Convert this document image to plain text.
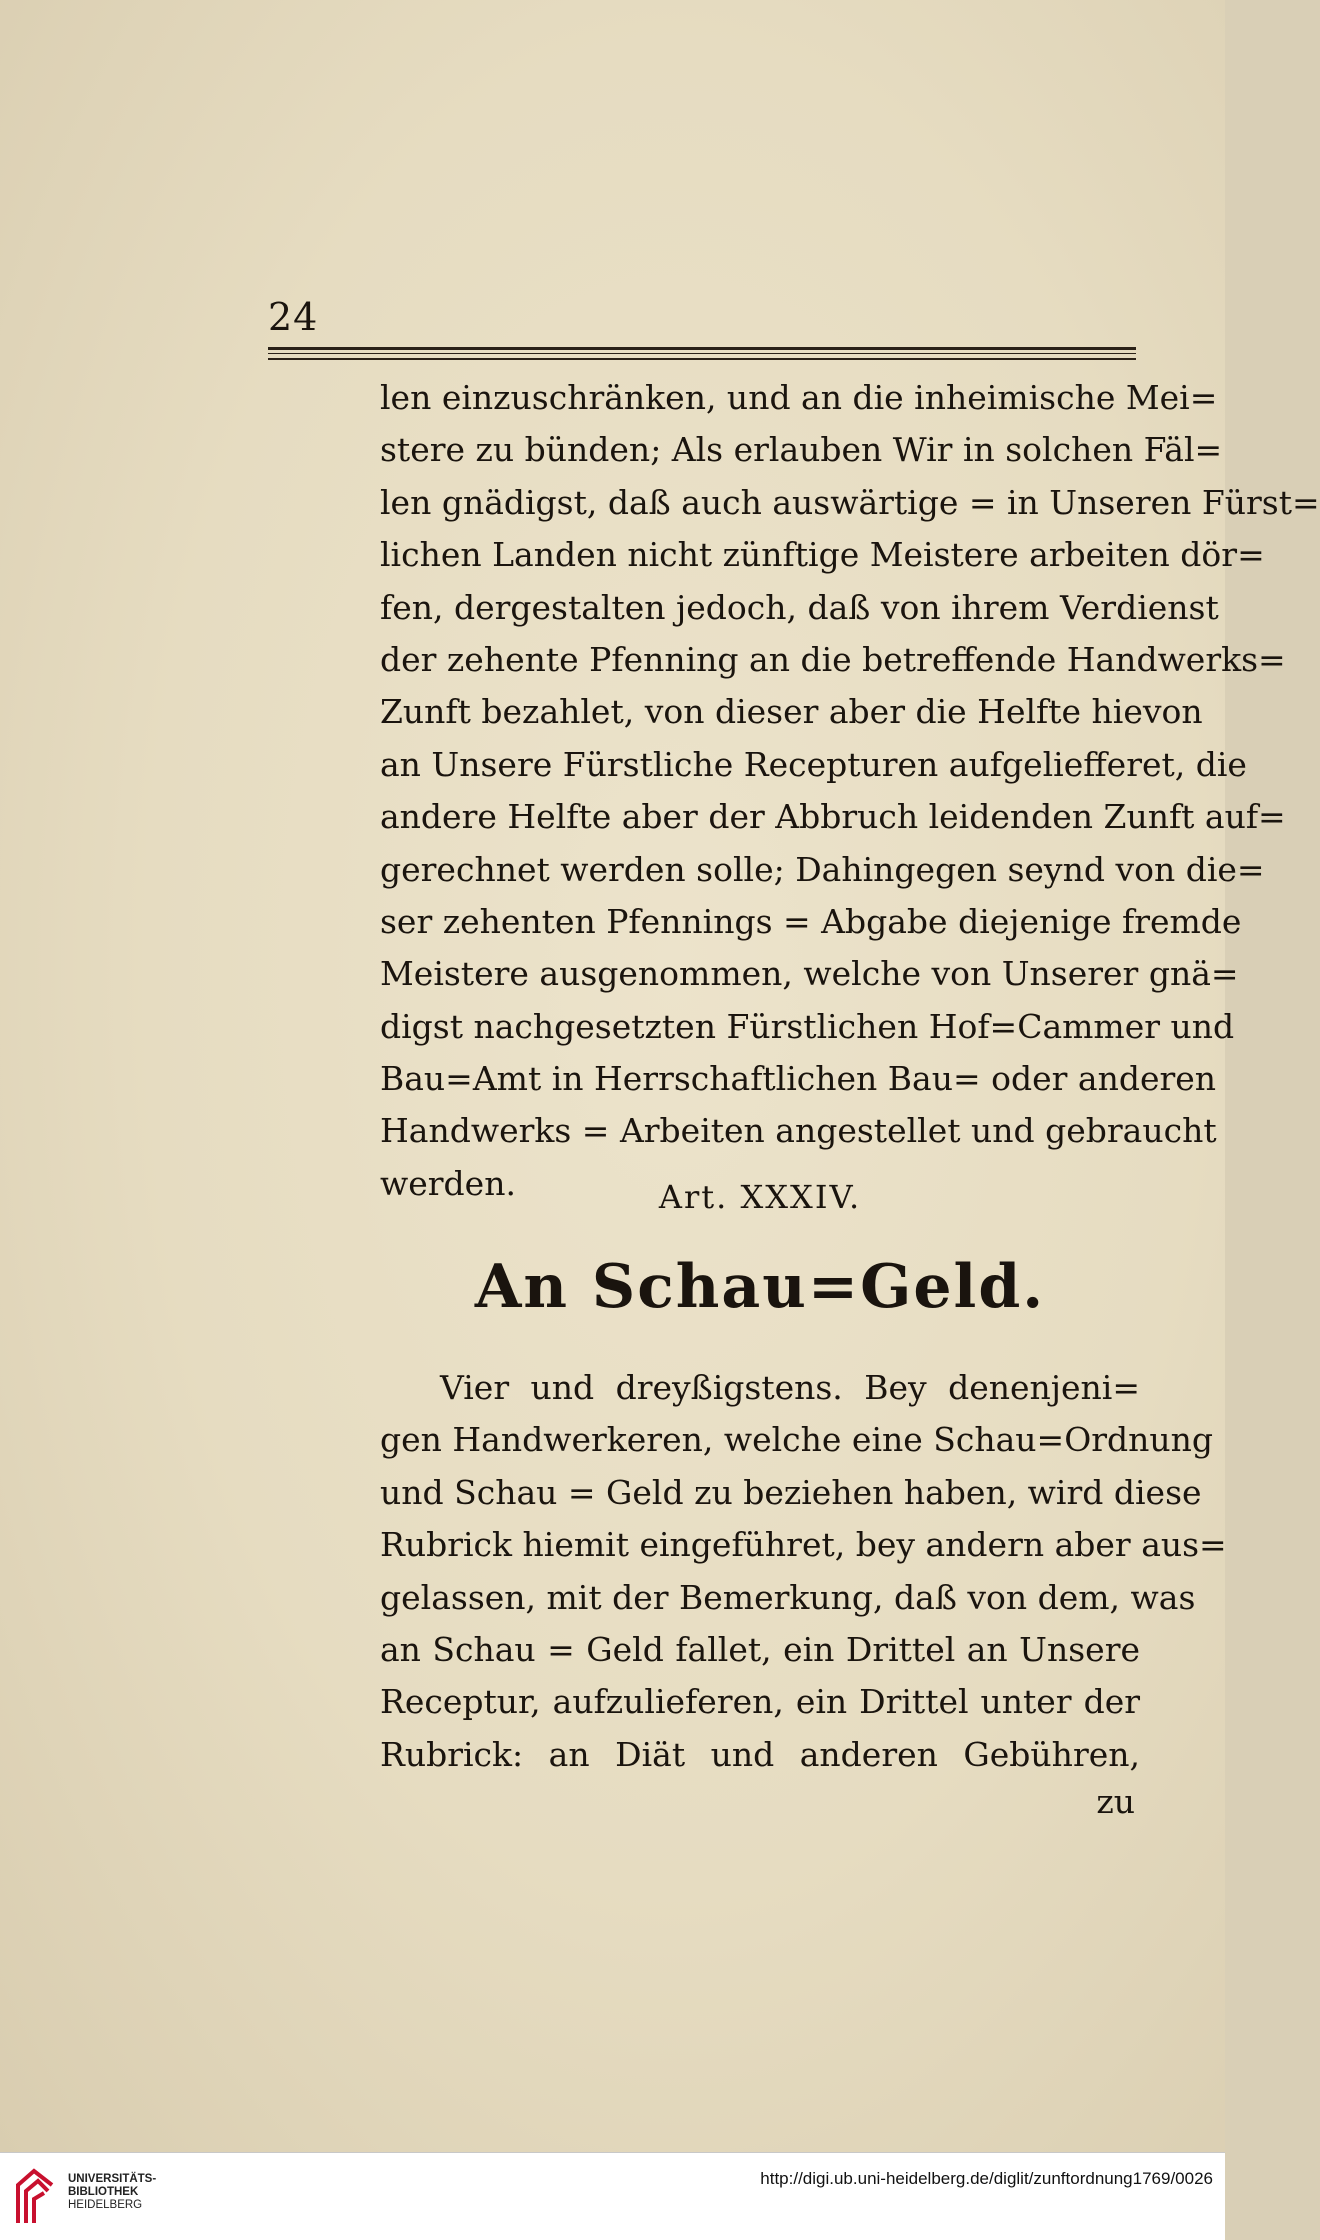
24
len einzuschränken, und an die inheimische Mei=
stere zu bünden; Als erlauben Wir in solchen Fäl=
len gnädigst, daß auch auswärtige = in Unseren Fürst=
lichen Landen nicht zünftige Meistere arbeiten dör=
fen, dergestalten jedoch, daß von ihrem Verdienst
der zehente Pfenning an die betreffende Handwerks=
Zunft bezahlet, von dieser aber die Helfte hievon
an Unsere Fürstliche Recepturen aufgeliefferet, die
andere Helfte aber der Abbruch leidenden Zunft auf=
gerechnet werden solle; Dahingegen seynd von die=
ser zehenten Pfennings = Abgabe diejenige fremde
Meistere ausgenommen, welche von Unserer gnä=
digst nachgesetzten Fürstlichen Hof=Cammer und
Bau=Amt in Herrschaftlichen Bau= oder anderen
Handwerks = Arbeiten angestellet und gebraucht
werden.	Art. XXXIV.
An Schau=Geld.
Vier und dreyßigstens. Bey denenjeni=
gen Handwerkeren, welche eine Schau=Ordnung
und Schau = Geld zu beziehen haben, wird diese
Rubrick hiemit eingeführet, bey andern aber aus=
gelassen, mit der Bemerkung, daß von dem, was
an Schau = Geld fallet, ein Drittel an Unsere
Receptur, aufzulieferen, ein Drittel unter der
Rubrick: an Diät und anderen Gebühren,
zu
UNIVERSITÄTS-
BIBLIOTHEK
HEIDELBERG
http://digi.ub.uni-heidelberg.de/diglit/zunftordnung1769/0026
